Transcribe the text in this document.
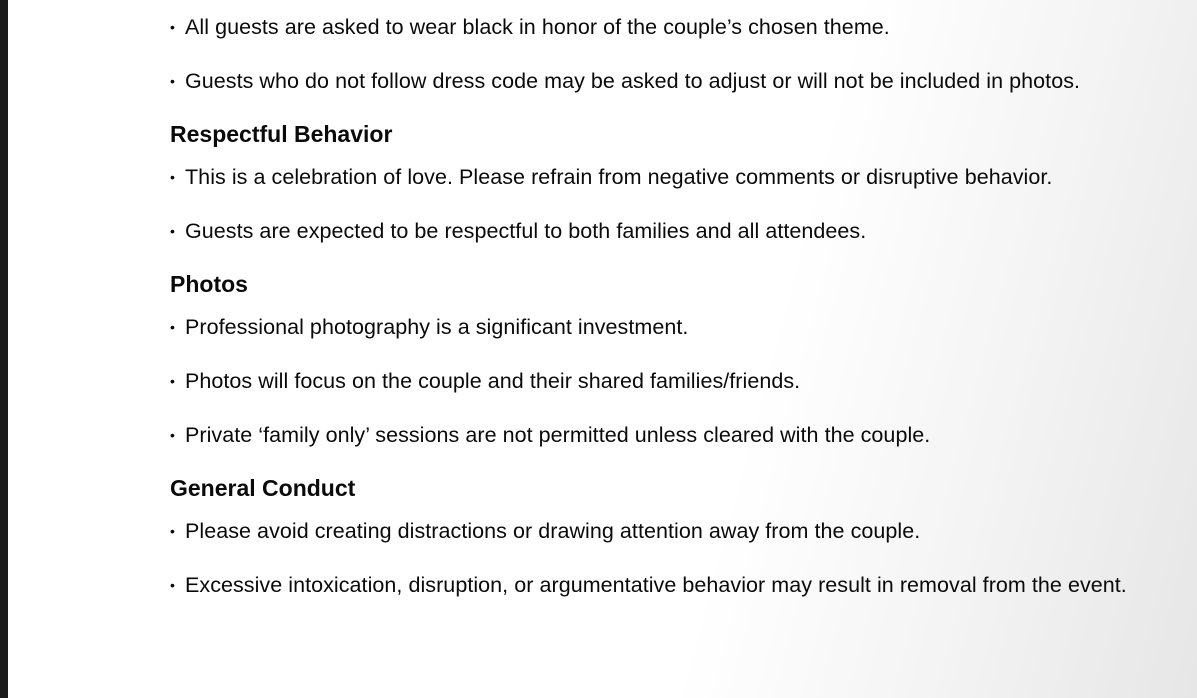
• All guests are asked to wear black in honor of the couple’s chosen theme.

• Guests who do not follow dress code may be asked to adjust or will not be included in photos.

Respectful Behavior

• This is a celebration of love. Please refrain from negative comments or disruptive behavior.

• Guests are expected to be respectful to both families and all attendees.

Photos

• Professional photography is a significant investment.

• Photos will focus on the couple and their shared families/friends.

• Private ‘family only’ sessions are not permitted unless cleared with the couple.

General Conduct

• Please avoid creating distractions or drawing attention away from the couple.

• Excessive intoxication, disruption, or argumentative behavior may result in removal from the event.
